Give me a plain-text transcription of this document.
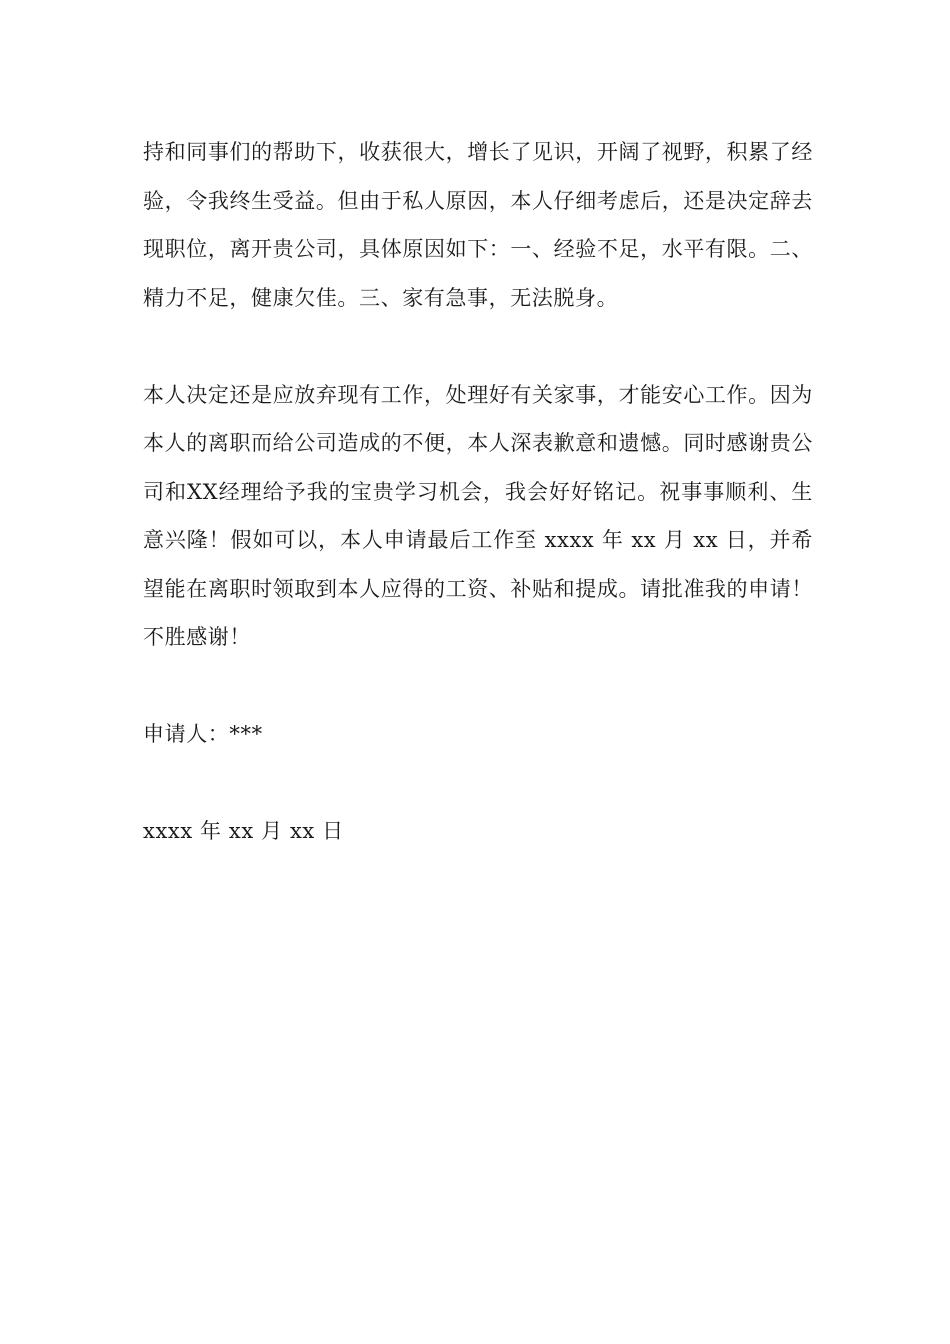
持和同事们的帮助下，收获很大，增长了见识，开阔了视野，积累了经验，令我终生受益。但由于私人原因，本人仔细考虑后，还是决定辞去现职位，离开贵公司，具体原因如下：一、经验不足，水平有限。二、精力不足，健康欠佳。三、家有急事，无法脱身。

本人决定还是应放弃现有工作，处理好有关家事，才能安心工作。因为本人的离职而给公司造成的不便，本人深表歉意和遗憾。同时感谢贵公司和XX经理给予我的宝贵学习机会，我会好好铭记。祝事事顺利、生意兴隆！假如可以，本人申请最后工作至 xxxx 年 xx 月 xx 日，并希望能在离职时领取到本人应得的工资、补贴和提成。请批准我的申请！不胜感谢！

申请人：***

xxxx 年 xx 月 xx 日
